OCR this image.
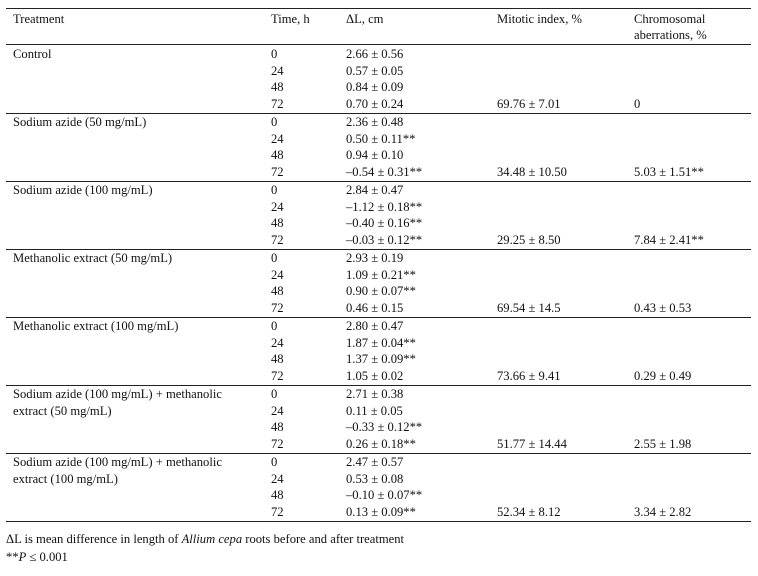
Treatment	Time, h	ΔL, cm	Mitotic index, %	Chromosomal
aberrations, %
Control	0	2.66 ± 0.56
24	0.57 ± 0.05
48	0.84 ± 0.09
72	0.70 ± 0.24	69.76 ± 7.01	0
Sodium azide (50 mg/mL)	0	2.36 ± 0.48
24	0.50 ± 0.11**
48	0.94 ± 0.10
72	–0.54 ± 0.31**	34.48 ± 10.50	5.03 ± 1.51**
Sodium azide (100 mg/mL)	0	2.84 ± 0.47
24	–1.12 ± 0.18**
48	–0.40 ± 0.16**
72	–0.03 ± 0.12**	29.25 ± 8.50	7.84 ± 2.41**
Methanolic extract (50 mg/mL)	0	2.93 ± 0.19
24	1.09 ± 0.21**
48	0.90 ± 0.07**
72	0.46 ± 0.15	69.54 ± 14.5	0.43 ± 0.53
Methanolic extract (100 mg/mL)	0	2.80 ± 0.47
24	1.87 ± 0.04**
48	1.37 ± 0.09**
72	1.05 ± 0.02	73.66 ± 9.41	0.29 ± 0.49
Sodium azide (100 mg/mL) + methanolic
extract (50 mg/mL)
0	2.71 ± 0.38
24	0.11 ± 0.05
48	–0.33 ± 0.12**
72	0.26 ± 0.18**	51.77 ± 14.44	2.55 ± 1.98
Sodium azide (100 mg/mL) + methanolic
extract (100 mg/mL)
0	2.47 ± 0.57
24	0.53 ± 0.08
48	–0.10 ± 0.07**
72	0.13 ± 0.09**	52.34 ± 8.12	3.34 ± 2.82
ΔL is mean difference in length of Allium cepa roots before and after treatment
**P ≤ 0.001
